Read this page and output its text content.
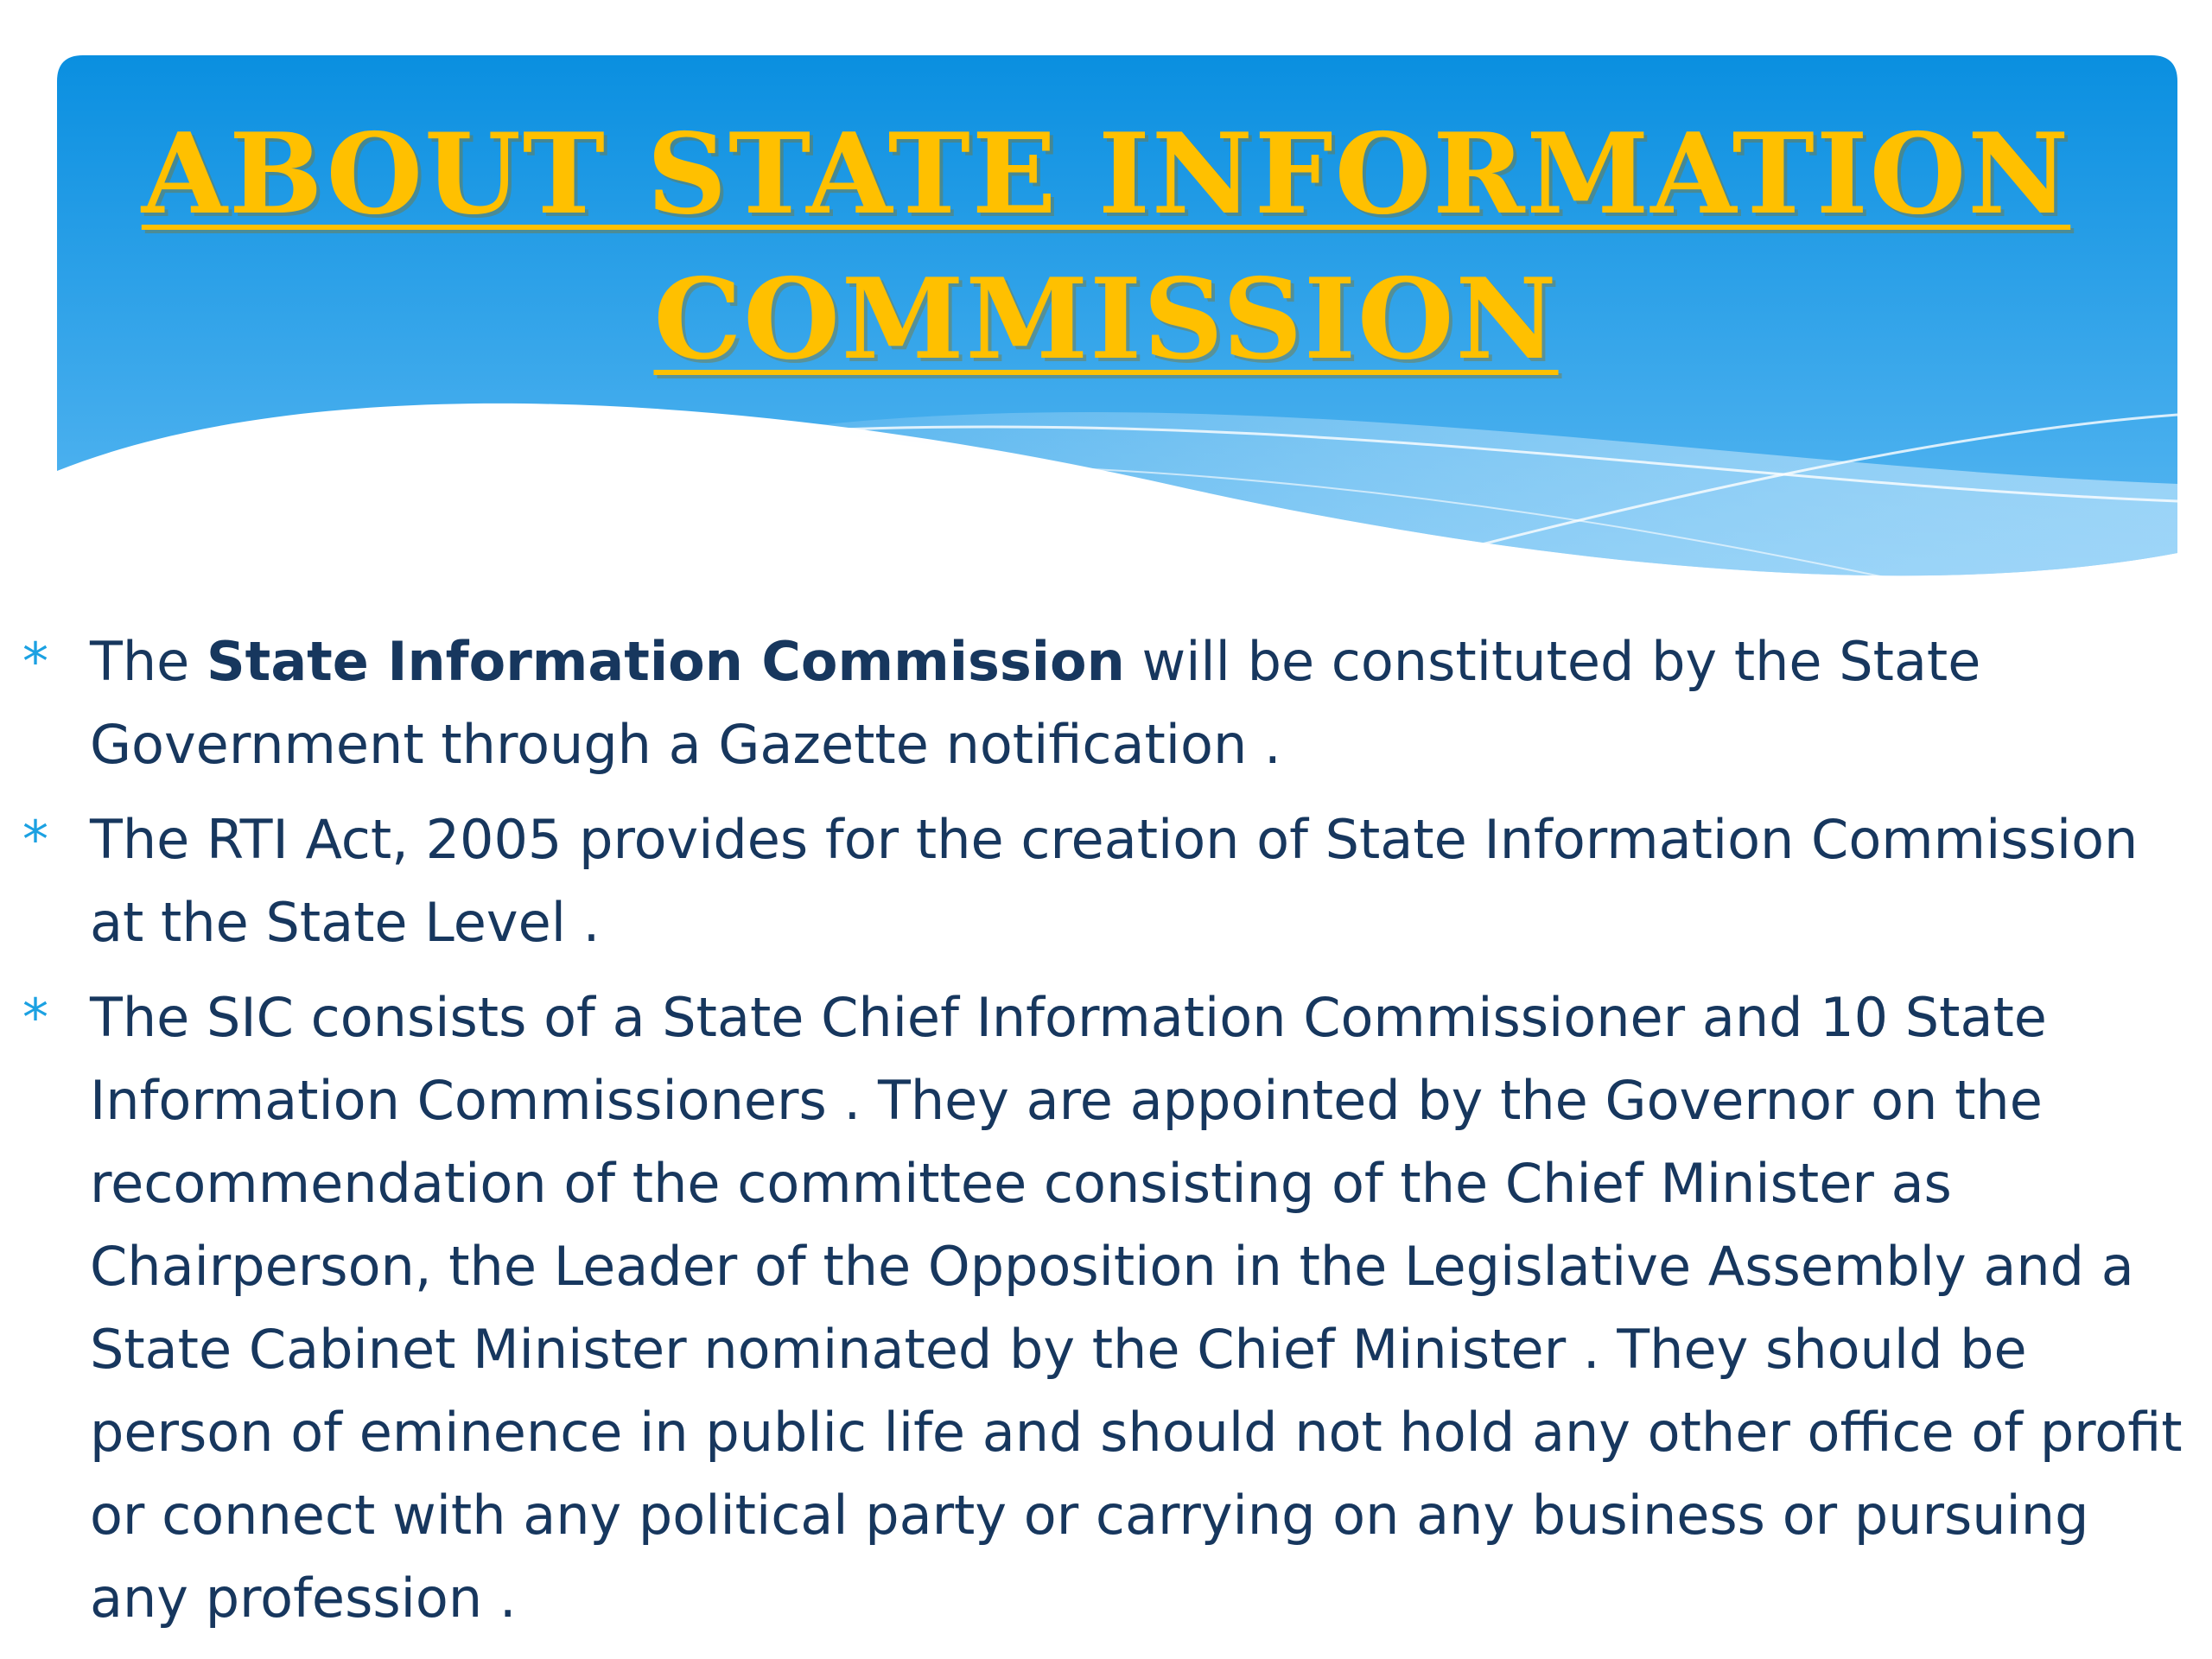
ABOUT STATE INFORMATION
COMMISSION
* The State Information Commission will be constituted by the State Government through a Gazette notification .
* The RTI Act, 2005 provides for the creation of State Information Commission at the State Level .
* The SIC consists of a State Chief Information Commissioner and 10 State Information Commissioners . They are appointed by the Governor on the recommendation of the committee consisting of the Chief Minister as Chairperson, the Leader of the Opposition in the Legislative Assembly and a State Cabinet Minister nominated by the Chief Minister . They should be person of eminence in public life and should not hold any other office of profit or connect with any political party or carrying on any business or pursuing any profession .
